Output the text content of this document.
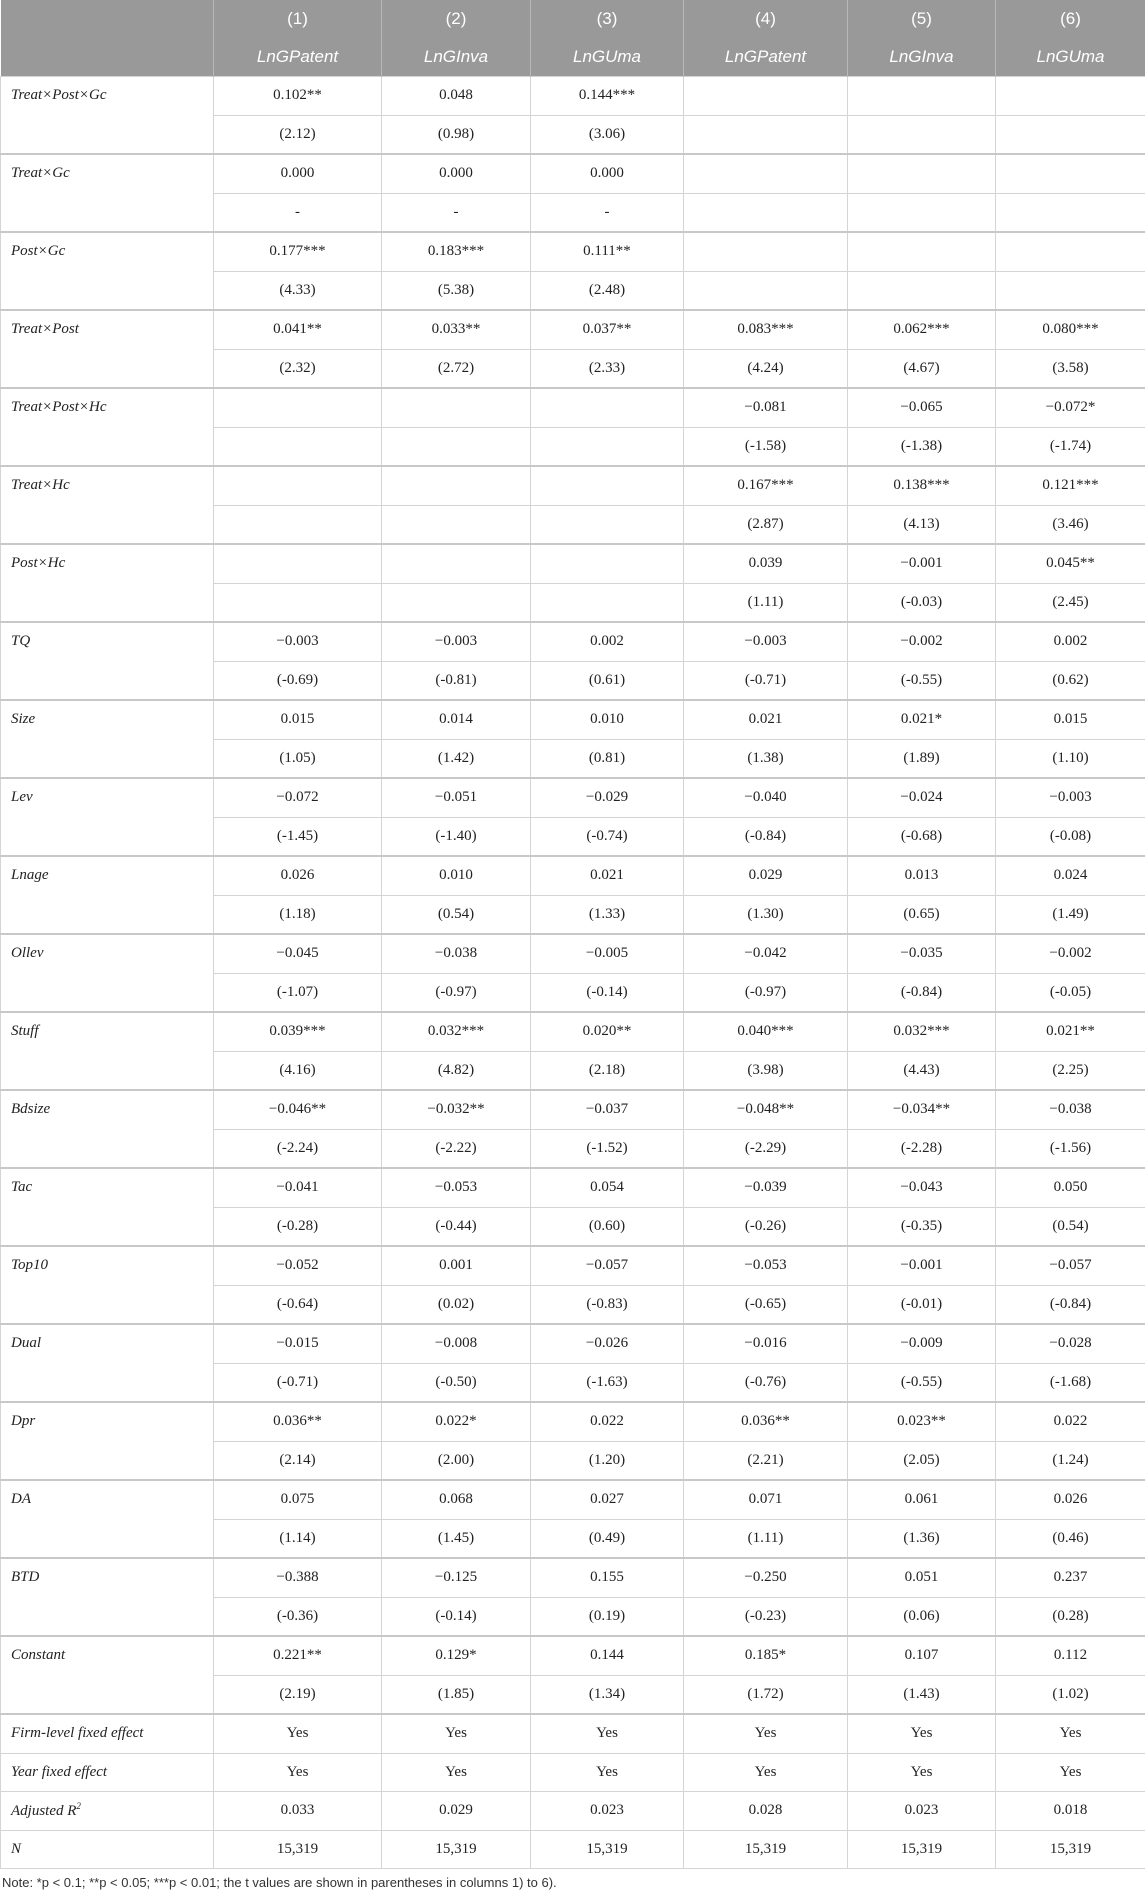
	(1)	(2)	(3)	(4)	(5)	(6)
	LnGPatent	LnGInva	LnGUma	LnGPatent	LnGInva	LnGUma
Treat×Post×Gc	0.102**	0.048	0.144***			
	(2.12)	(0.98)	(3.06)			
Treat×Gc	0.000	0.000	0.000			
	-	-	-			
Post×Gc	0.177***	0.183***	0.111**			
	(4.33)	(5.38)	(2.48)			
Treat×Post	0.041**	0.033**	0.037**	0.083***	0.062***	0.080***
	(2.32)	(2.72)	(2.33)	(4.24)	(4.67)	(3.58)
Treat×Post×Hc				−0.081	−0.065	−0.072*
				(-1.58)	(-1.38)	(-1.74)
Treat×Hc				0.167***	0.138***	0.121***
				(2.87)	(4.13)	(3.46)
Post×Hc				0.039	−0.001	0.045**
				(1.11)	(-0.03)	(2.45)
TQ	−0.003	−0.003	0.002	−0.003	−0.002	0.002
	(-0.69)	(-0.81)	(0.61)	(-0.71)	(-0.55)	(0.62)
Size	0.015	0.014	0.010	0.021	0.021*	0.015
	(1.05)	(1.42)	(0.81)	(1.38)	(1.89)	(1.10)
Lev	−0.072	−0.051	−0.029	−0.040	−0.024	−0.003
	(-1.45)	(-1.40)	(-0.74)	(-0.84)	(-0.68)	(-0.08)
Lnage	0.026	0.010	0.021	0.029	0.013	0.024
	(1.18)	(0.54)	(1.33)	(1.30)	(0.65)	(1.49)
Ollev	−0.045	−0.038	−0.005	−0.042	−0.035	−0.002
	(-1.07)	(-0.97)	(-0.14)	(-0.97)	(-0.84)	(-0.05)
Stuff	0.039***	0.032***	0.020**	0.040***	0.032***	0.021**
	(4.16)	(4.82)	(2.18)	(3.98)	(4.43)	(2.25)
Bdsize	−0.046**	−0.032**	−0.037	−0.048**	−0.034**	−0.038
	(-2.24)	(-2.22)	(-1.52)	(-2.29)	(-2.28)	(-1.56)
Tac	−0.041	−0.053	0.054	−0.039	−0.043	0.050
	(-0.28)	(-0.44)	(0.60)	(-0.26)	(-0.35)	(0.54)
Top10	−0.052	0.001	−0.057	−0.053	−0.001	−0.057
	(-0.64)	(0.02)	(-0.83)	(-0.65)	(-0.01)	(-0.84)
Dual	−0.015	−0.008	−0.026	−0.016	−0.009	−0.028
	(-0.71)	(-0.50)	(-1.63)	(-0.76)	(-0.55)	(-1.68)
Dpr	0.036**	0.022*	0.022	0.036**	0.023**	0.022
	(2.14)	(2.00)	(1.20)	(2.21)	(2.05)	(1.24)
DA	0.075	0.068	0.027	0.071	0.061	0.026
	(1.14)	(1.45)	(0.49)	(1.11)	(1.36)	(0.46)
BTD	−0.388	−0.125	0.155	−0.250	0.051	0.237
	(-0.36)	(-0.14)	(0.19)	(-0.23)	(0.06)	(0.28)
Constant	0.221**	0.129*	0.144	0.185*	0.107	0.112
	(2.19)	(1.85)	(1.34)	(1.72)	(1.43)	(1.02)
Firm-level fixed effect	Yes	Yes	Yes	Yes	Yes	Yes
Year fixed effect	Yes	Yes	Yes	Yes	Yes	Yes
Adjusted $R^2$	0.033	0.029	0.023	0.028	0.023	0.018
N	15,319	15,319	15,319	15,319	15,319	15,319
Note: *p < 0.1; **p < 0.05; ***p < 0.01; the t values are shown in parentheses in columns 1) to 6).
